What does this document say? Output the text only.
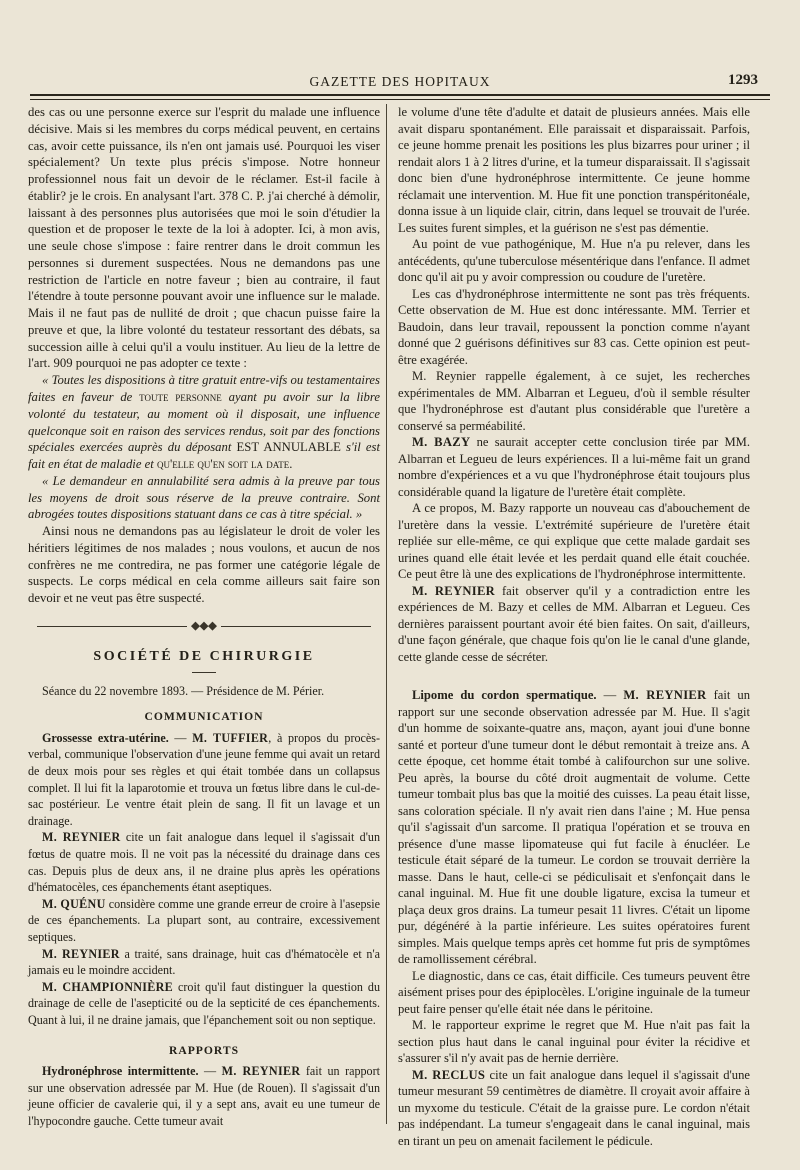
GAZETTE DES HOPITAUX	1293

des cas ou une personne exerce sur l'esprit du malade une influence décisive. Mais si les membres du corps médical peuvent, en certains cas, avoir cette puissance, ils n'en ont jamais usé. Pourquoi les viser spécialement? Un texte plus précis s'impose. Notre honneur professionnel nous fait un devoir de le réclamer. Est-il facile à établir? je le crois. En analysant l'art. 378 C. P. j'ai cherché à démolir, laissant à des personnes plus autorisées que moi le soin d'étudier la question et de proposer le texte de la loi à adopter. Ici, à mon avis, une seule chose s'impose : faire rentrer dans le droit commun les personnes si durement suspectées. Nous ne demandons pas une restriction de l'article en notre faveur ; bien au contraire, il faut l'étendre à toute personne pouvant avoir une influence sur le malade. Mais il ne faut pas de nullité de droit ; que chacun puisse faire la preuve et que, la libre volonté du testateur ressortant des débats, sa succession aille à celui qu'il a voulu instituer. Au lieu de la lettre de l'art. 909 pourquoi ne pas adopter ce texte :

« Toutes les dispositions à titre gratuit entre-vifs ou testamentaires faites en faveur de toute personne ayant pu avoir sur la libre volonté du testateur, au moment où il disposait, une influence quelconque soit en raison des services rendus, soit par des fonctions spéciales exercées auprès du déposant EST ANNULABLE s'il est fait en état de maladie et qu'elle qu'en soit la date.

« Le demandeur en annulabilité sera admis à la preuve par tous les moyens de droit sous réserve de la preuve contraire. Sont abrogées toutes dispositions statuant dans ce cas à titre spécial. »

Ainsi nous ne demandons pas au législateur le droit de voler les héritiers légitimes de nos malades ; nous voulons, et aucun de nos confrères ne me contredira, ne pas former une catégorie légale de suspects. Le corps médical en cela comme ailleurs sait faire son devoir et ne veut pas être suspecté.

◆◆◆
SOCIÉTÉ DE CHIRURGIE

Séance du 22 novembre 1893. — Présidence de M. Périer.

COMMUNICATION

Grossesse extra-utérine. — M. TUFFIER, à propos du procès-verbal, communique l'observation d'une jeune femme qui avait un retard de deux mois pour ses règles et qui était tombée dans un collapsus complet. Il lui fit la laparotomie et trouva un fœtus libre dans le cul-de-sac postérieur. Le ventre était plein de sang. Il fit un lavage et un drainage.

M. REYNIER cite un fait analogue dans lequel il s'agissait d'un fœtus de quatre mois. Il ne voit pas la nécessité du drainage dans ces cas. Depuis plus de deux ans, il ne draine plus après les opérations d'hématocèles, ces épanchements étant aseptiques.

M. QUÉNU considère comme une grande erreur de croire à l'asepsie de ces épanchements. La plupart sont, au contraire, excessivement septiques.

M. REYNIER a traité, sans drainage, huit cas d'hématocèle et n'a jamais eu le moindre accident.

M. CHAMPIONNIÈRE croit qu'il faut distinguer la question du drainage de celle de l'asepticité ou de la septicité de ces épanchements. Quant à lui, il ne draine jamais, que l'épanchement soit ou non septique.

RAPPORTS

Hydronéphrose intermittente. — M. REYNIER fait un rapport sur une observation adressée par M. Hue (de Rouen). Il s'agissait d'un jeune officier de cavalerie qui, il y a sept ans, avait eu une tumeur de l'hypocondre gauche. Cette tumeur avait

le volume d'une tête d'adulte et datait de plusieurs années. Mais elle avait disparu spontanément. Elle paraissait et disparaissait. Parfois, ce jeune homme prenait les positions les plus bizarres pour uriner ; il rendait alors 1 à 2 litres d'urine, et la tumeur disparaissait. Il s'agissait donc bien d'une hydronéphrose intermittente. Ce jeune homme réclamait une intervention. M. Hue fit une ponction transpéritonéale, donna issue à un liquide clair, citrin, dans lequel se trouvait de l'urée. Les suites furent simples, et la guérison ne s'est pas démentie.

Au point de vue pathogénique, M. Hue n'a pu relever, dans les antécédents, qu'une tuberculose mésentérique dans l'enfance. Il admet donc qu'il ait pu y avoir compression ou coudure de l'uretère.

Les cas d'hydronéphrose intermittente ne sont pas très fréquents. Cette observation de M. Hue est donc intéressante. MM. Terrier et Baudoin, dans leur travail, repoussent la ponction comme n'ayant donné que 2 guérisons définitives sur 83 cas. Cette opinion est peut-être exagérée.

M. Reynier rappelle également, à ce sujet, les recherches expérimentales de MM. Albarran et Legueu, d'où il semble résulter que l'hydronéphrose est d'autant plus considérable que l'uretère a conservé sa perméabilité.

M. BAZY ne saurait accepter cette conclusion tirée par MM. Albarran et Legueu de leurs expériences. Il a lui-même fait un grand nombre d'expériences et a vu que l'hydronéphrose était toujours plus considérable quand la ligature de l'uretère était complète.

A ce propos, M. Bazy rapporte un nouveau cas d'abouchement de l'uretère dans la vessie. L'extrémité supérieure de l'uretère était repliée sur elle-même, ce qui explique que cette malade gardait ses urines quand elle était levée et les perdait quand elle était couchée. Ce peut être là une des explications de l'hydronéphrose intermittente.

M. REYNIER fait observer qu'il y a contradiction entre les expériences de M. Bazy et celles de MM. Albarran et Legueu. Ces dernières paraissent pourtant avoir été bien faites. On sait, d'ailleurs, d'une façon générale, que chaque fois qu'on lie le canal d'une glande, cette glande cesse de sécréter.

Lipome du cordon spermatique. — M. REYNIER fait un rapport sur une seconde observation adressée par M. Hue. Il s'agit d'un homme de soixante-quatre ans, maçon, ayant joui d'une bonne santé et porteur d'une tumeur dont le début remontait à treize ans. A cette époque, cet homme était tombé à califourchon sur une solive. Peu après, la bourse du côté droit augmentait de volume. Cette tumeur tombait plus bas que la moitié des cuisses. La peau était lisse, sans coloration spéciale. Il n'y avait rien dans l'aine ; M. Hue pensa qu'il s'agissait d'un sarcome. Il pratiqua l'opération et se trouva en présence d'une masse lipomateuse qui fut facile à énucléer. Le testicule était séparé de la tumeur. Le cordon se trouvait derrière la masse. Dans le haut, celle-ci se pédiculisait et s'enfonçait dans le canal inguinal. M. Hue fit une double ligature, excisa la tumeur et plaça deux gros drains. La tumeur pesait 11 livres. C'était un lipome pur, dégénéré à la partie inférieure. Les suites opératoires furent simples. Mais quelque temps après cet homme fut pris de symptômes de ramollissement cérébral.

Le diagnostic, dans ce cas, était difficile. Ces tumeurs peuvent être aisément prises pour des épiplocèles. L'origine inguinale de la tumeur peut faire penser qu'elle était née dans le péritoine.

M. le rapporteur exprime le regret que M. Hue n'ait pas fait la section plus haut dans le canal inguinal pour éviter la récidive et s'assurer s'il n'y avait pas de hernie derrière.

M. RECLUS cite un fait analogue dans lequel il s'agissait d'une tumeur mesurant 59 centimètres de diamètre. Il croyait avoir affaire à un myxome du testicule. C'était de la graisse pure. Le cordon n'était pas indépendant. La tumeur s'engageait dans le canal inguinal, mais en tirant un peu on amenait facilement le pédicule.
